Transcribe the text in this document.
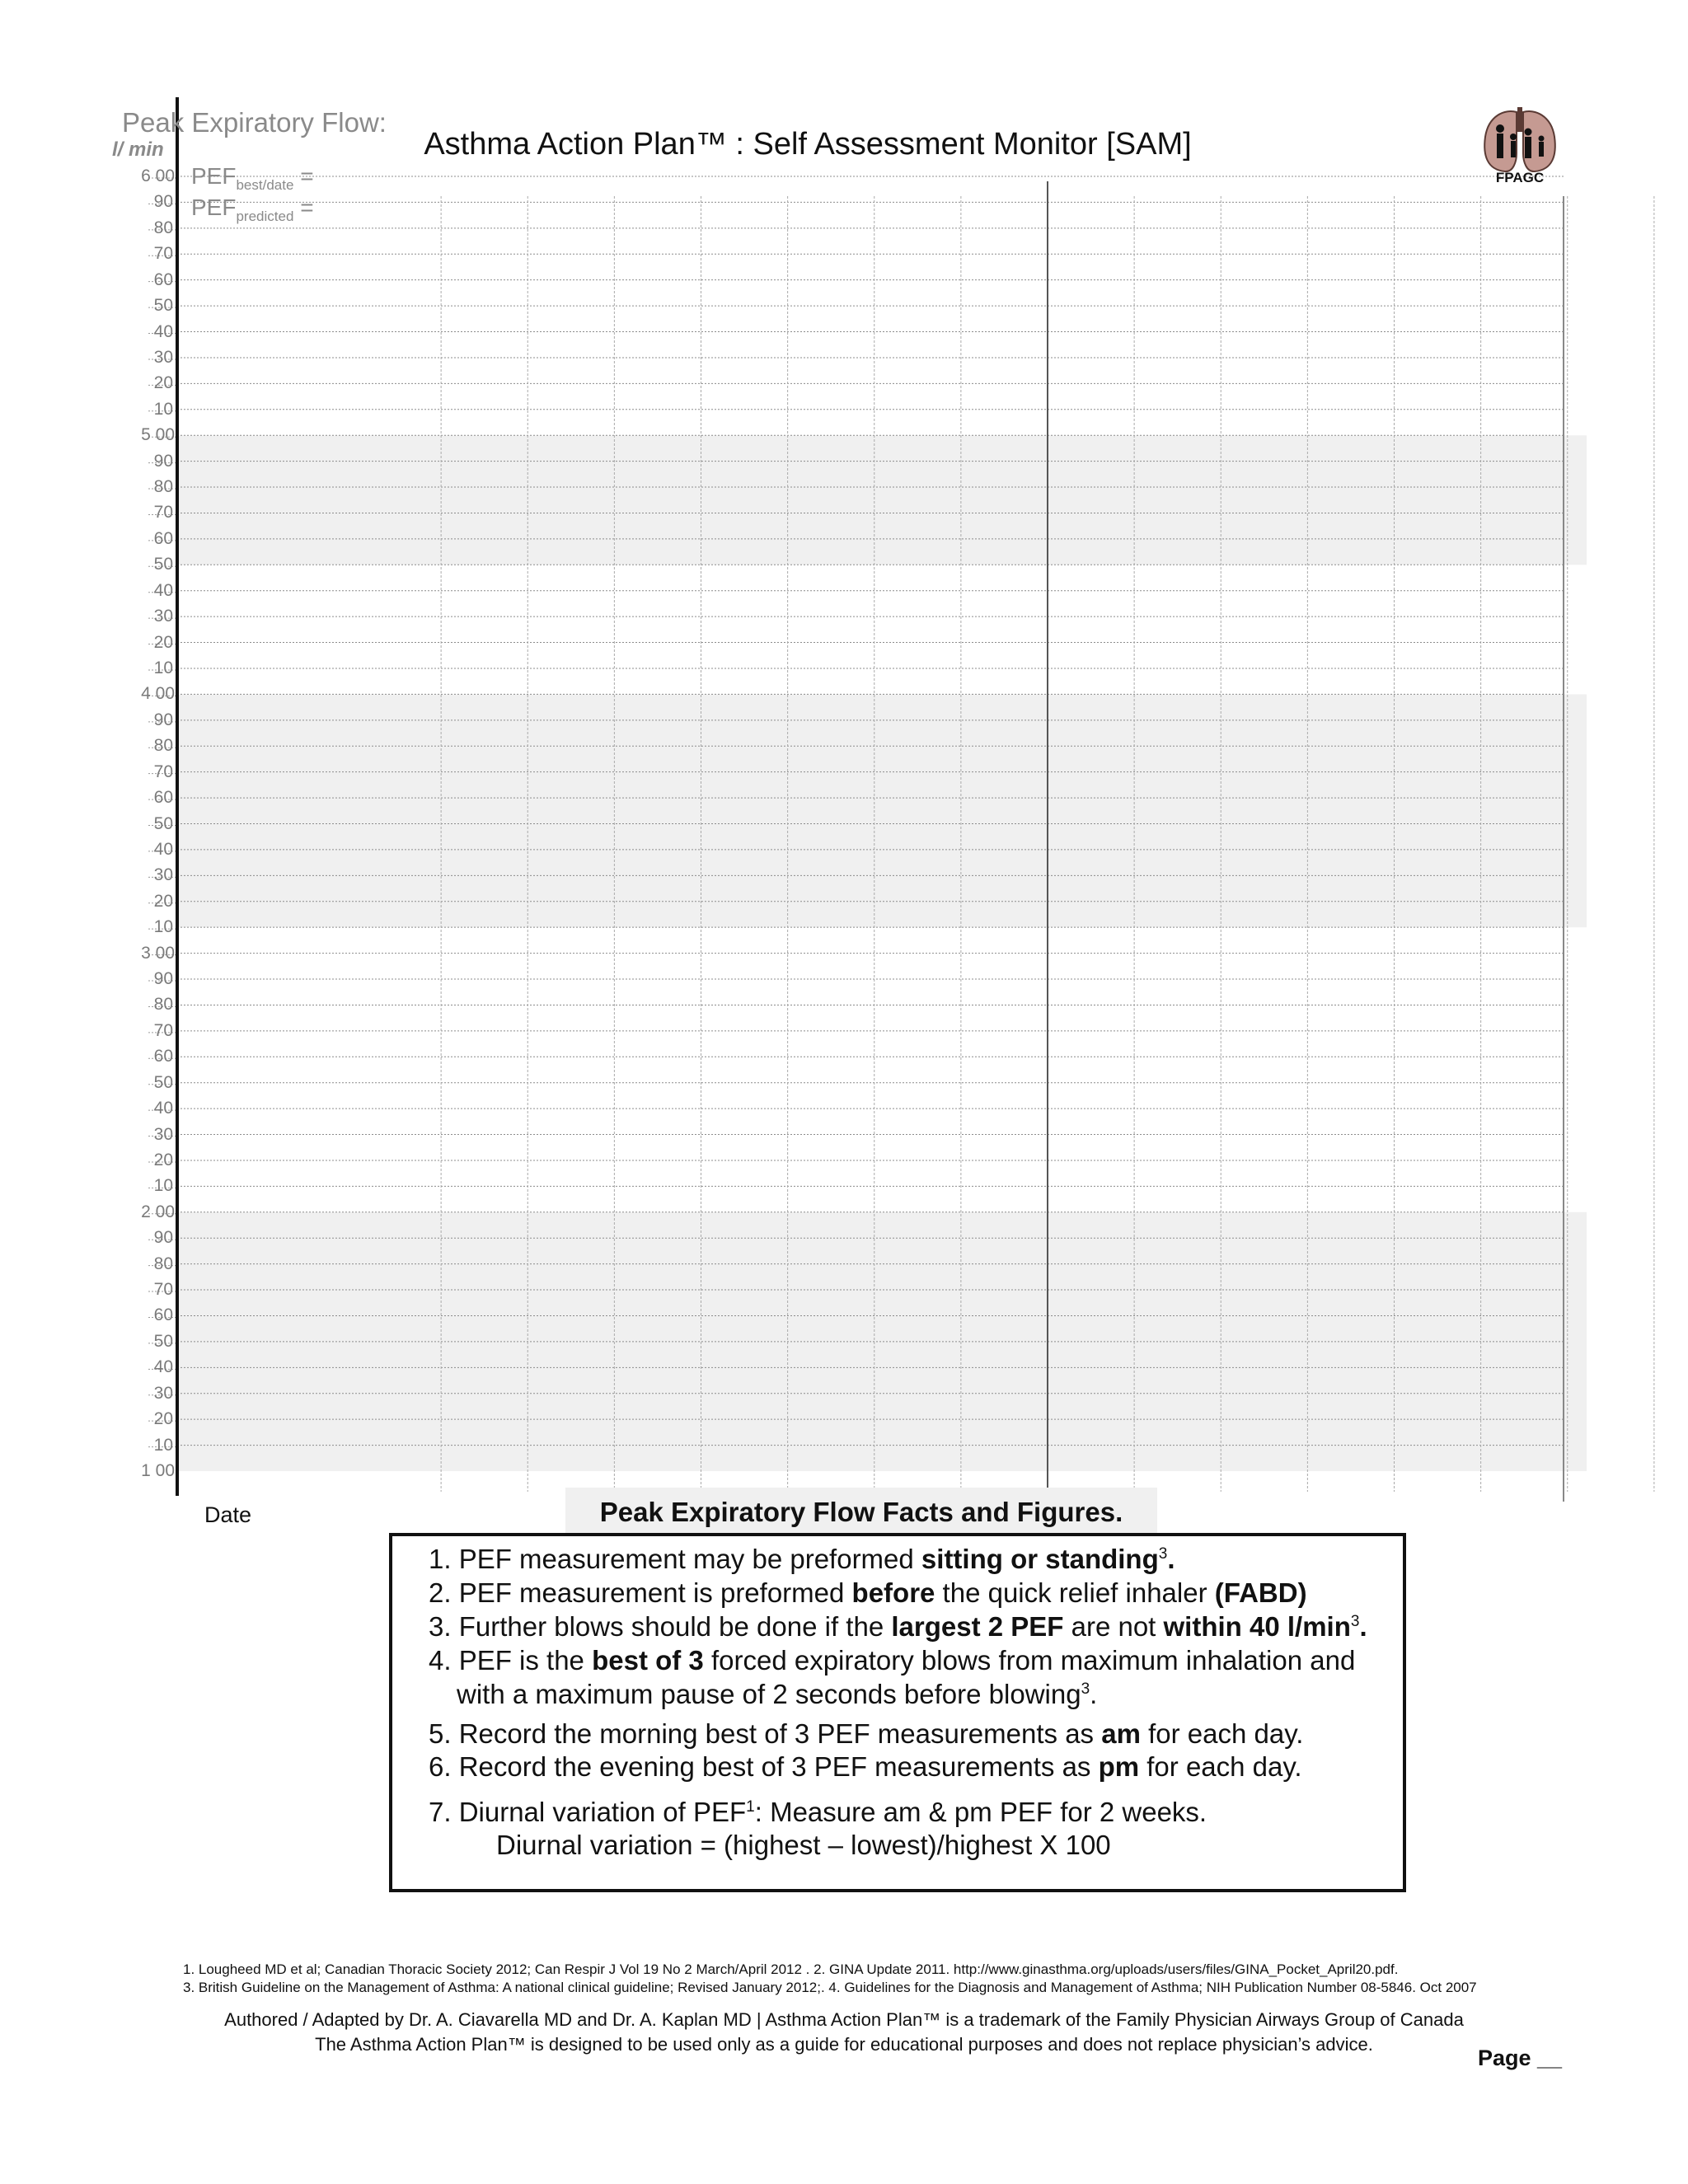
Peak Expiratory Flow:
l/ min	Asthma Action Plan™ : Self Assessment Monitor [SAM]
FPAGC
$PEF_{best/date}$ =
$PEF_{predicted}$ =
6 00
90
80
70
60
50
40
30
20
10
5 00
90
80
70
60
50
40
30
20
10
4 00
90
80
70
60
50
40
30
20
10
3 00
90
80
70
60
50
40
30
20
10
2 00
90
80
70
60
50
40
30
20
10
1 00
Date	Peak Expiratory Flow Facts and Figures.
1. PEF measurement may be preformed sitting or standing$^3$.
2. PEF measurement is preformed before the quick relief inhaler (FABD)
3. Further blows should be done if the largest 2 PEF are not within 40 $l/\min^3$.
4. PEF is the best of 3 forced expiratory blows from maximum inhalation and
with a maximum pause of 2 seconds before blowing$^3$.
5. Record the morning best of 3 PEF measurements as am for each day.
6. Record the evening best of 3 PEF measurements as pm for each day.
7. Diurnal variation of PEF$^1$: Measure am & pm PEF for 2 weeks.
Diurnal variation = (highest – lowest)/highest X 100
1. Lougheed MD et al; Canadian Thoracic Society 2012; Can Respir J Vol 19 No 2 March/April 2012 . 2. GINA Update 2011. http://www.ginasthma.org/uploads/users/files/GINA_Pocket_April20.pdf.
3. British Guideline on the Management of Asthma: A national clinical guideline; Revised January 2012;. 4. Guidelines for the Diagnosis and Management of Asthma; NIH Publication Number 08-5846. Oct 2007
Authored / Adapted by Dr. A. Ciavarella MD and Dr. A. Kaplan MD | Asthma Action Plan™ is a trademark of the Family Physician Airways Group of Canada
The Asthma Action Plan™ is designed to be used only as a guide for educational purposes and does not replace physician’s advice.
Page __
